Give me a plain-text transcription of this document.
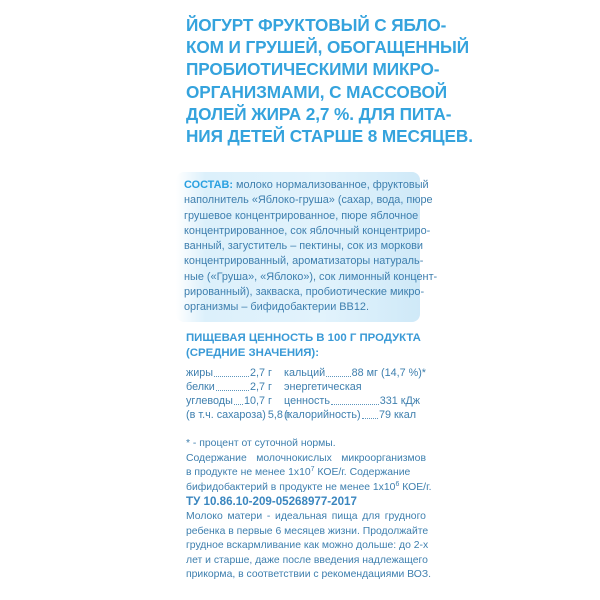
ЙОГУРТ ФРУКТОВЫЙ С ЯБЛО-
КОМ И ГРУШЕЙ, ОБОГАЩЕННЫЙ
ПРОБИОТИЧЕСКИМИ МИКРО-
ОРГАНИЗМАМИ, С МАССОВОЙ
ДОЛЕЙ ЖИРА 2,7 %. ДЛЯ ПИТА-
НИЯ ДЕТЕЙ СТАРШЕ 8 МЕСЯЦЕВ.
СОСТАВ: молоко нормализованное, фруктовый
наполнитель «Яблоко-груша» (сахар, вода, пюре
грушевое концентрированное, пюре яблочное
концентрированное, сок яблочный концентриро-
ванный, загуститель – пектины, сок из моркови
концентрированный, ароматизаторы натураль-
ные («Груша», «Яблоко»), сок лимонный концент-
рированный), закваска, пробиотические микро-
организмы – бифидобактерии BB12.
ПИЩЕВАЯ ЦЕННОСТЬ В 100 Г ПРОДУКТА
(СРЕДНИЕ ЗНАЧЕНИЯ):
жиры	2,7 г
белки	2,7 г
углеводы 10,7 г
(в т.ч. сахароза) 5,8 г
кальций 88 мг (14,7 %)*
энергетическая
ценность	331 кДж
(калорийность) 79 ккал
* - процент от суточной нормы.
Содержание молочнокислых микроорганизмов
в продукте не менее $1x10^7$ КОЕ/г. Содержание
бифидобактерий в продукте не менее $1x10^6$ КОЕ/г.
ТУ 10.86.10-209-05268977-2017
Молоко матери - идеальная пища для грудного
ребенка в первые 6 месяцев жизни. Продолжайте
грудное вскармливание как можно дольше: до 2-х
лет и старше, даже после введения надлежащего
прикорма, в соответствии с рекомендациями ВОЗ.
